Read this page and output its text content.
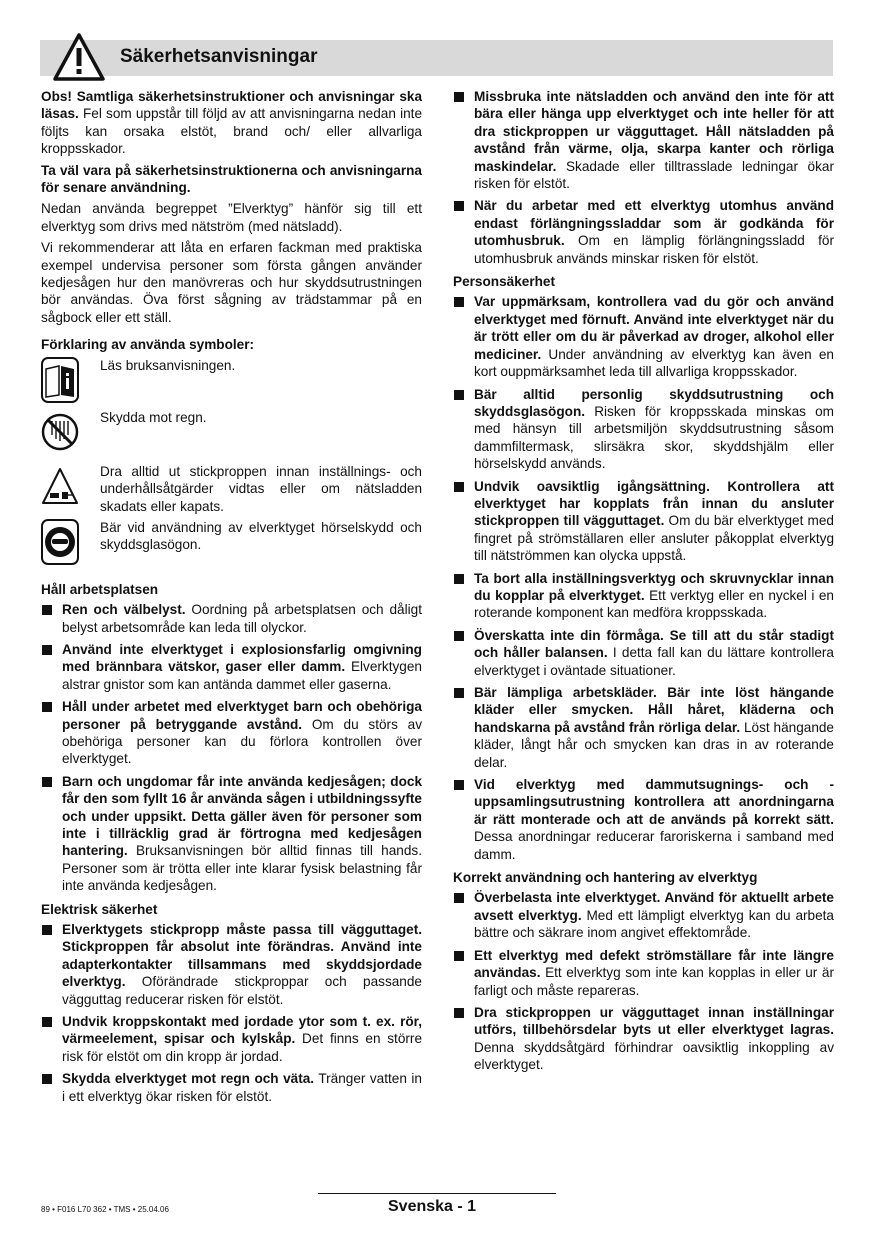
Säkerhetsanvisningar

Obs! Samtliga säkerhetsinstruktioner och anvisningar ska läsas. Fel som uppstår till följd av att anvisningarna nedan inte följts kan orsaka elstöt, brand och/ eller allvarliga kroppsskador.

Ta väl vara på säkerhetsinstruktionerna och anvisningarna för senare användning.

Nedan använda begreppet ”Elverktyg” hänför sig till ett elverktyg som drivs med nätström (med nätsladd).

Vi rekommenderar att låta en erfaren fackman med praktiska exempel undervisa personer som första gången använder kedjesågen hur den manövreras och hur skyddsutrustningen bör användas. Öva först sågning av trädstammar på en sågbock eller ett ställ.

Förklaring av använda symboler:
Läs bruksanvisningen.
Skydda mot regn.
Dra alltid ut stickproppen innan inställnings- och underhållsåtgärder vidtas eller om nätsladden skadats eller kapats.
Bär vid användning av elverktyget hörselskydd och skyddsglasögon.
Håll arbetsplatsen
Ren och välbelyst. Oordning på arbetsplatsen och dåligt belyst arbetsområde kan leda till olyckor.
Använd inte elverktyget i explosionsfarlig omgivning med brännbara vätskor, gaser eller damm. Elverktygen alstrar gnistor som kan antända dammet eller gaserna.
Håll under arbetet med elverktyget barn och obehöriga personer på betryggande avstånd. Om du störs av obehöriga personer kan du förlora kontrollen över elverktyget.
Barn och ungdomar får inte använda kedjesågen; dock får den som fyllt 16 år använda sågen i utbildningssyfte och under uppsikt. Detta gäller även för personer som inte i tillräcklig grad är förtrogna med kedjesågen hantering. Bruksanvisningen bör alltid finnas till hands. Personer som är trötta eller inte klarar fysisk belastning får inte använda kedjesågen.
Elektrisk säkerhet
Elverktygets stickpropp måste passa till vägguttaget. Stickproppen får absolut inte förändras. Använd inte adapterkontakter tillsammans med skyddsjordade elverktyg. Oförändrade stickproppar och passande vägguttag reducerar risken för elstöt.
Undvik kroppskontakt med jordade ytor som t. ex. rör, värmeelement, spisar och kylskåp. Det finns en större risk för elstöt om din kropp är jordad.
Skydda elverktyget mot regn och väta. Tränger vatten in i ett elverktyg ökar risken för elstöt.
Missbruka inte nätsladden och använd den inte för att bära eller hänga upp elverktyget och inte heller för att dra stickproppen ur vägguttaget. Håll nätsladden på avstånd från värme, olja, skarpa kanter och rörliga maskindelar. Skadade eller tilltrasslade ledningar ökar risken för elstöt.
När du arbetar med ett elverktyg utomhus använd endast förlängningssladdar som är godkända för utomhusbruk. Om en lämplig förlängningssladd för utomhusbruk används minskar risken för elstöt.
Personsäkerhet
Var uppmärksam, kontrollera vad du gör och använd elverktyget med förnuft. Använd inte elverktyget när du är trött eller om du är påverkad av droger, alkohol eller mediciner. Under användning av elverktyg kan även en kort ouppmärksamhet leda till allvarliga kroppsskador.
Bär alltid personlig skyddsutrustning och skyddsglasögon. Risken för kroppsskada minskas om med hänsyn till arbetsmiljön skyddsutrustning såsom dammfiltermask, slirsäkra skor, skyddshjälm eller hörselskydd används.
Undvik oavsiktlig igångsättning. Kontrollera att elverktyget har kopplats från innan du ansluter stickproppen till vägguttaget. Om du bär elverktyget med fingret på strömställaren eller ansluter påkopplat elverktyg till nätströmmen kan olycka uppstå.
Ta bort alla inställningsverktyg och skruvnycklar innan du kopplar på elverktyget. Ett verktyg eller en nyckel i en roterande komponent kan medföra kroppsskada.
Överskatta inte din förmåga. Se till att du står stadigt och håller balansen. I detta fall kan du lättare kontrollera elverktyget i oväntade situationer.
Bär lämpliga arbetskläder. Bär inte löst hängande kläder eller smycken. Håll håret, kläderna och handskarna på avstånd från rörliga delar. Löst hängande kläder, långt hår och smycken kan dras in av roterande delar.
Vid elverktyg med dammutsugnings- och -uppsamlingsutrustning kontrollera att anordningarna är rätt monterade och att de används på korrekt sätt. Dessa anordningar reducerar faroriskerna i samband med damm.
Korrekt användning och hantering av elverktyg
Överbelasta inte elverktyget. Använd för aktuellt arbete avsett elverktyg. Med ett lämpligt elverktyg kan du arbeta bättre och säkrare inom angivet effektområde.
Ett elverktyg med defekt strömställare får inte längre användas. Ett elverktyg som inte kan kopplas in eller ur är farligt och måste repareras.
Dra stickproppen ur vägguttaget innan inställningar utförs, tillbehörsdelar byts ut eller elverktyget lagras. Denna skyddsåtgärd förhindrar oavsiktlig inkoppling av elverktyget.
89 • F016 L70 362 • TMS • 25.04.06	Svenska - 1
